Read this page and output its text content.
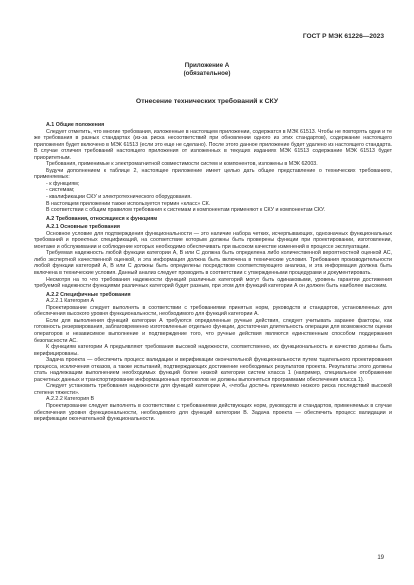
ГОСТ Р МЭК 61226—2023
Приложение А
(обязательное)
Отнесение технических требований к СКУ

А.1 Общие положения

Следует отметить, что многие требования, изложенные в настоящем приложении, содержатся в МЭК 61513. Чтобы не повторять одни и те же требования в разных стандартах (из-за риска несоответствий при обновлении одного из этих стандартов), содержание настоящего приложения будет включено в МЭК 61513 (если это еще не сделано). После этого данное приложение будет удалено из настоящего стандарта. В случае отличия требований настоящего приложения от изложенных в текущих изданиях МЭК 61513 содержание МЭК 61513 будет приоритетным.

Требования, применимые к электромагнитной совместимости систем и компонентов, изложены в МЭК 62003.

Будучи дополнением к таблице 2, настоящее приложение имеет целью дать общее представление о технических требованиях, применяемых:

- к функциям;
- системам;
- квалификации СКУ и электротехнического оборудования.

В настоящем приложении также используется термин «класс» СК.

В соответствии с общим правилом требования к системам и компонентам применяют к СКУ и компонентам СКУ.

А.2 Требования, относящиеся к функциям

А.2.1 Основные требования

Основное условие для подтверждения функциональности — это наличие набора четких, исчерпывающих, однозначных функциональных требований и проектных спецификаций, на соответствие которым должны быть проверены функции при проектировании, изготовлении, монтаже и обслуживании и соблюдение которых необходимо обеспечивать при высоком качестве изменений в процессе эксплуатации.

Требуемая надежность любой функции категории А, В или С должна быть определена либо количественной вероятностной оценкой АС, либо экспертной качественной оценкой, и эта информация должна быть включена в технические условия. Требования производительности любой функции категорий А, В или С должны быть определены посредством соответствующего анализа, и эта информация должна быть включена в технические условия. Данный анализ следует проводить в соответствии с утвержденными процедурами и документировать.

Несмотря на то что требования надежности функций различных категорий могут быть одинаковыми, уровень гарантии достижения требуемой надежности функциями различных категорий будет разным, при этом для функций категории А он должен быть наиболее высоким.

А.2.2 Специфичные требования

А.2.2.1 Категория А

Проектирование следует выполнять в соответствии с требованиями принятых норм, руководств и стандартов, установленных для обеспечения высокого уровня функциональности, необходимого для функций категории А.

Если для выполнения функций категории А требуются определенные ручные действия, следует учитывать заранее факторы, как готовность резервирования, заблаговременно изготовленные отдельно функции, достаточная длительность операции для возможности оценки операторов и независимое выполнение и подтверждение того, что ручные действия являются единственным способом поддержания безопасности АС.

К функциям категории А предъявляют требования высокой надежности, соответственно, их функциональность и качество должны быть верифицированы.

Задача проекта — обеспечить процесс валидации и верификации окончательной функциональности путем тщательного проектирования процесса, исключения отказов, а также испытаний, подтверждающих достижение необходимых результатов проекта. Результаты этого должны стать надлежащим выполнением необходимых функций более низкой категории систем класса 1 (например, специальное отображение расчетных данных и транспортирование информационных протоколов не должны выполняться программами обеспечения класса 1).

Следует установить требования надежности для функций категории А, «чтобы достичь приемлемо низкого риска последствий высокой степени тяжести».

А.2.2.2 Категория В

Проектирование следует выполнять в соответствии с требованиями действующих норм, руководств и стандартов, применяемых в случае обеспечения уровня функциональности, необходимого для функций категории В. Задача проекта — обеспечить процесс валидации и верификации окончательной функциональности.

19
